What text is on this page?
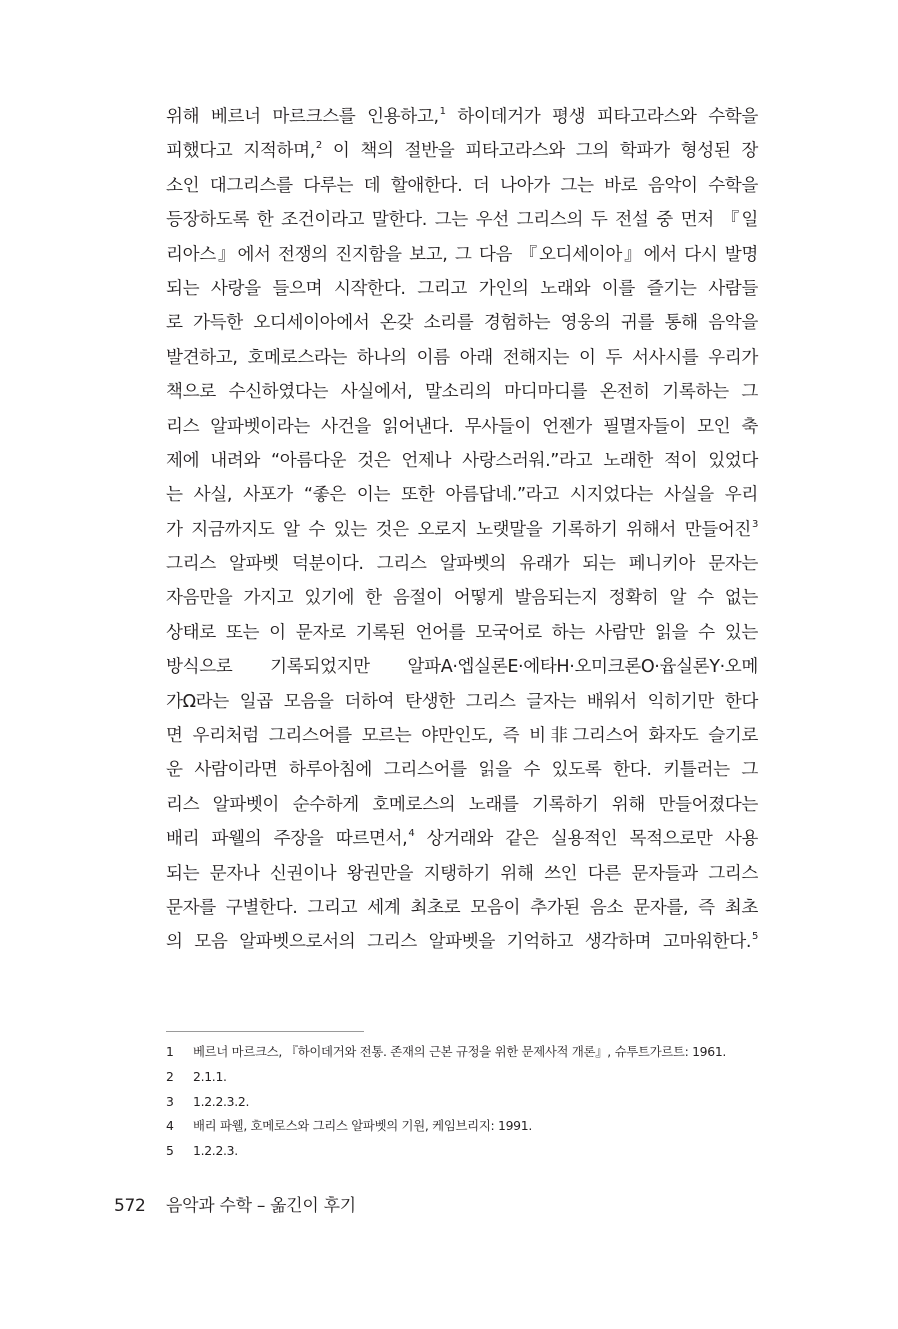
위해 베르너 마르크스를 인용하고,$^1$ 하이데거가 평생 피타고라스와 수학을
피했다고 지적하며,$^2$ 이 책의 절반을 피타고라스와 그의 학파가 형성된 장
소인 대그리스를 다루는 데 할애한다. 더 나아가 그는 바로 음악이 수학을
등장하도록 한 조건이라고 말한다. 그는 우선 그리스의 두 전설 중 먼저 『일
리아스』에서 전쟁의 진지함을 보고, 그 다음 『오디세이아』에서 다시 발명
되는 사랑을 들으며 시작한다. 그리고 가인의 노래와 이를 즐기는 사람들
로 가득한 오디세이아에서 온갖 소리를 경험하는 영웅의 귀를 통해 음악을
발견하고, 호메로스라는 하나의 이름 아래 전해지는 이 두 서사시를 우리가
책으로 수신하였다는 사실에서, 말소리의 마디마디를 온전히 기록하는 그
리스 알파벳이라는 사건을 읽어낸다. 무사들이 언젠가 필멸자들이 모인 축
제에 내려와 “아름다운 것은 언제나 사랑스러워.”라고 노래한 적이 있었다
는 사실, 사포가 “좋은 이는 또한 아름답네.”라고 시지었다는 사실을 우리
가 지금까지도 알 수 있는 것은 오로지 노랫말을 기록하기 위해서 만들어진$^3$
그리스 알파벳 덕분이다. 그리스 알파벳의 유래가 되는 페니키아 문자는
자음만을 가지고 있기에 한 음절이 어떻게 발음되는지 정확히 알 수 없는
상태로 또는 이 문자로 기록된 언어를 모국어로 하는 사람만 읽을 수 있는
방식으로 기록되었지만 알파A·엡실론E·에타H·오미크론O·윱실론Y·오메
가Ω라는 일곱 모음을 더하여 탄생한 그리스 글자는 배워서 익히기만 한다
면 우리처럼 그리스어를 모르는 야만인도, 즉 비非그리스어 화자도 슬기로
운 사람이라면 하루아침에 그리스어를 읽을 수 있도록 한다. 키틀러는 그
리스 알파벳이 순수하게 호메로스의 노래를 기록하기 위해 만들어졌다는
배리 파웰의 주장을 따르면서,$^4$ 상거래와 같은 실용적인 목적으로만 사용
되는 문자나 신권이나 왕권만을 지탱하기 위해 쓰인 다른 문자들과 그리스
문자를 구별한다. 그리고 세계 최초로 모음이 추가된 음소 문자를, 즉 최초
의 모음 알파벳으로서의 그리스 알파벳을 기억하고 생각하며 고마워한다.$^5$
1 베르너 마르크스, 『하이데거와 전통. 존재의 근본 규정을 위한 문제사적 개론』, 슈투트가르트: 1961.
2 2.1.1.
3 1.2.2.3.2.
4 배리 파웰, 호메로스와 그리스 알파벳의 기원, 케임브리지: 1991.
5 1.2.2.3.
572 음악과 수학 – 옮긴이 후기
